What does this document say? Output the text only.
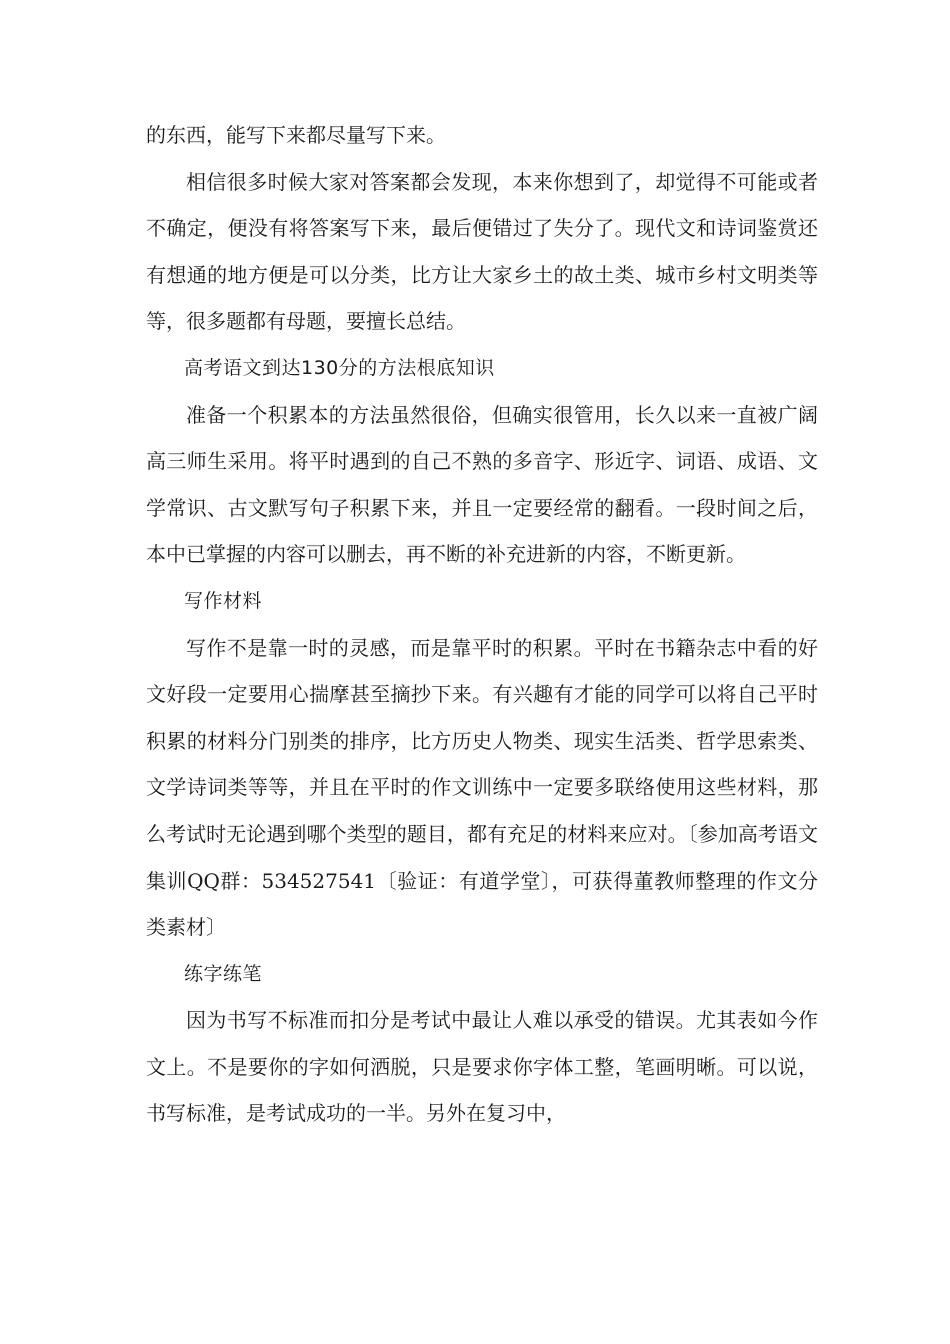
的东西，能写下来都尽量写下来。

相信很多时候大家对答案都会发现，本来你想到了，却觉得不可能或者不确定，便没有将答案写下来，最后便错过了失分了。现代文和诗词鉴赏还有想通的地方便是可以分类，比方让大家乡土的故土类、城市乡村文明类等等，很多题都有母题，要擅长总结。

高考语文到达130分的方法根底知识

准备一个积累本的方法虽然很俗，但确实很管用，长久以来一直被广阔高三师生采用。将平时遇到的自己不熟的多音字、形近字、词语、成语、文学常识、古文默写句子积累下来，并且一定要经常的翻看。一段时间之后，本中已掌握的内容可以删去，再不断的补充进新的内容，不断更新。

写作材料

写作不是靠一时的灵感，而是靠平时的积累。平时在书籍杂志中看的好文好段一定要用心揣摩甚至摘抄下来。有兴趣有才能的同学可以将自己平时积累的材料分门别类的排序，比方历史人物类、现实生活类、哲学思索类、文学诗词类等等，并且在平时的作文训练中一定要多联络使用这些材料，那么考试时无论遇到哪个类型的题目，都有充足的材料来应对。〔参加高考语文集训QQ群：534527541〔验证：有道学堂〕，可获得董教师整理的作文分类素材〕

练字练笔

因为书写不标准而扣分是考试中最让人难以承受的错误。尤其表如今作文上。不是要你的字如何洒脱，只是要求你字体工整，笔画明晰。可以说，书写标准，是考试成功的一半。另外在复习中，
